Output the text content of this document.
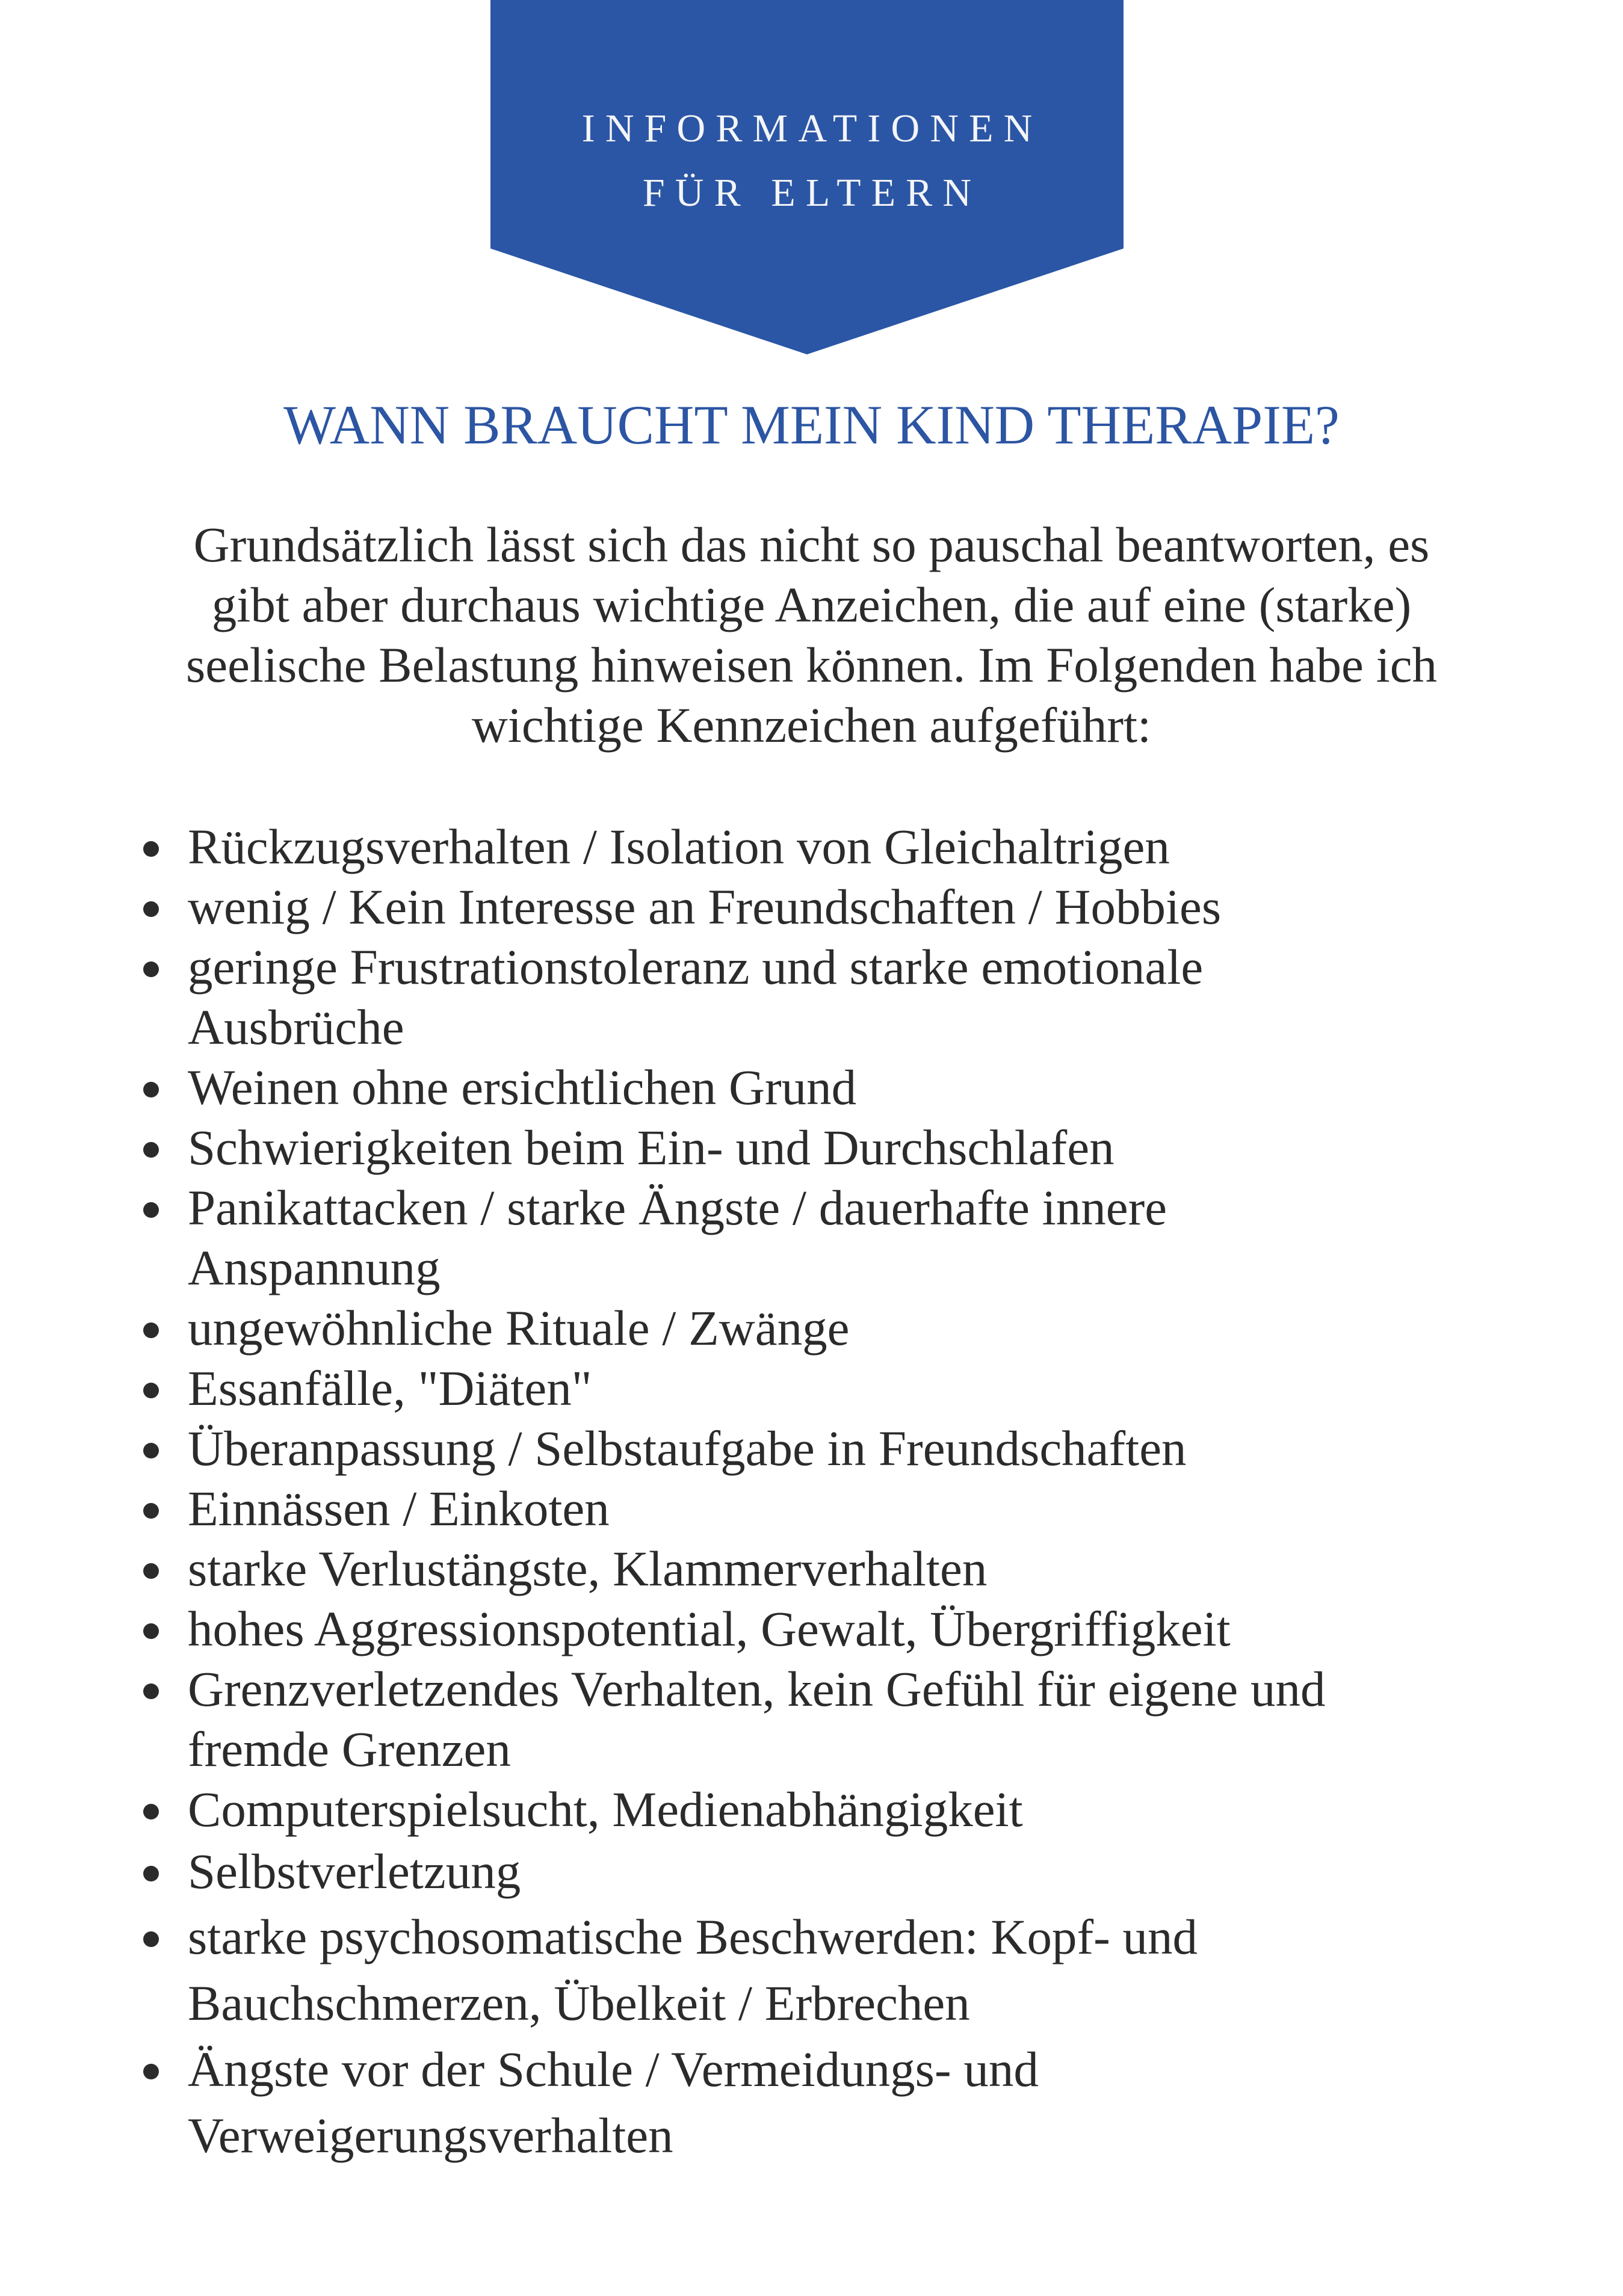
INFORMATIONEN
FÜR ELTERN
WANN BRAUCHT MEIN KIND THERAPIE?

Grundsätzlich lässt sich das nicht so pauschal beantworten, es
gibt aber durchaus wichtige Anzeichen, die auf eine (starke)
seelische Belastung hinweisen können. Im Folgenden habe ich
wichtige Kennzeichen aufgeführt:

Rückzugsverhalten / Isolation von Gleichaltrigen
wenig / Kein Interesse an Freundschaften / Hobbies
geringe Frustrationstoleranz und starke emotionale
Ausbrüche
Weinen ohne ersichtlichen Grund
Schwierigkeiten beim Ein- und Durchschlafen
Panikattacken / starke Ängste / dauerhafte innere
Anspannung
ungewöhnliche Rituale / Zwänge
Essanfälle, "Diäten"
Überanpassung / Selbstaufgabe in Freundschaften
Einnässen / Einkoten
starke Verlustängste, Klammerverhalten
hohes Aggressionspotential, Gewalt, Übergriffigkeit
Grenzverletzendes Verhalten, kein Gefühl für eigene und
fremde Grenzen
Computerspielsucht, Medienabhängigkeit
Selbstverletzung
starke psychosomatische Beschwerden: Kopf- und
Bauchschmerzen, Übelkeit / Erbrechen
Ängste vor der Schule / Vermeidungs- und
Verweigerungsverhalten
